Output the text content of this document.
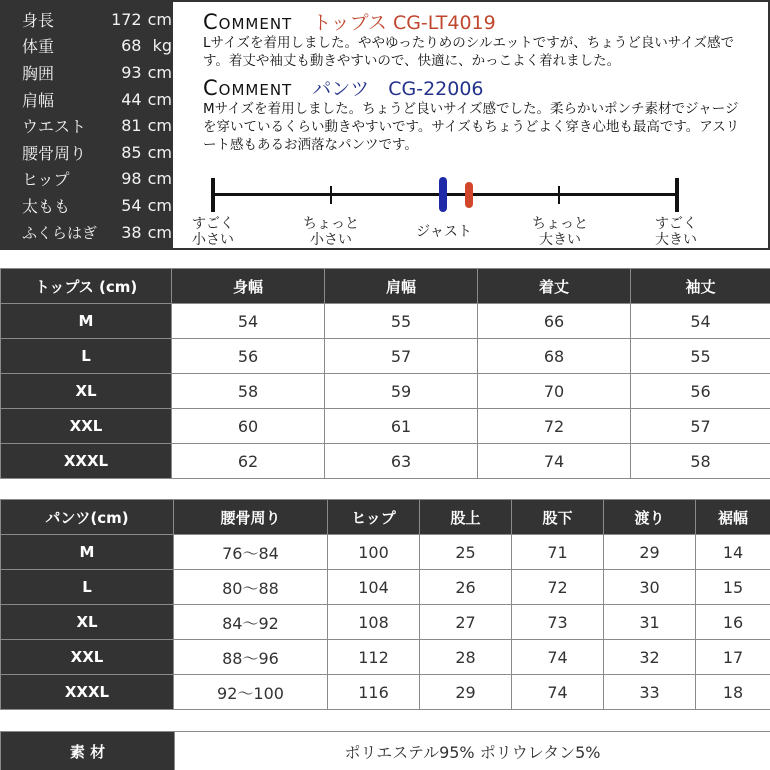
身長	172 cm
体重	68 kg
胸囲	93 cm
肩幅	44 cm
ウエスト	81 cm
腰骨周り	85 cm
ヒップ	98 cm
太もも	54 cm
ふくらはぎ	38 cm
COMMENT トップス CG-LT4019
Lサイズを着用しました。ややゆったりめのシルエットですが、ちょうど良いサイズ感です。着丈や袖丈も動きやすいので、快適に、かっこよく着れました。
COMMENT パンツ　CG-22006
Mサイズを着用しました。ちょうど良いサイズ感でした。柔らかいポンチ素材でジャージを穿いているくらい動きやすいです。サイズもちょうどよく穿き心地も最高です。アスリート感もあるお洒落なパンツです。
すごく
小さい
ちょっと
小さい	ジャスト	ちょっと
大きい
すごく
大きい
トップス (cm)	身幅	肩幅	着丈	袖丈
M	54	55	66	54
L	56	57	68	55
XL	58	59	70	56
XXL	60	61	72	57
XXXL	62	63	74	58
パンツ(cm)	腰骨周り	ヒップ	股上	股下	渡り	裾幅
M	76〜84	100	25	71	29	14
L	80〜88	104	26	72	30	15
XL	84〜92	108	27	73	31	16
XXL	88〜96	112	28	74	32	17
XXXL	92〜100	116	29	74	33	18
素 材	ポリエステル95% ポリウレタン5%
